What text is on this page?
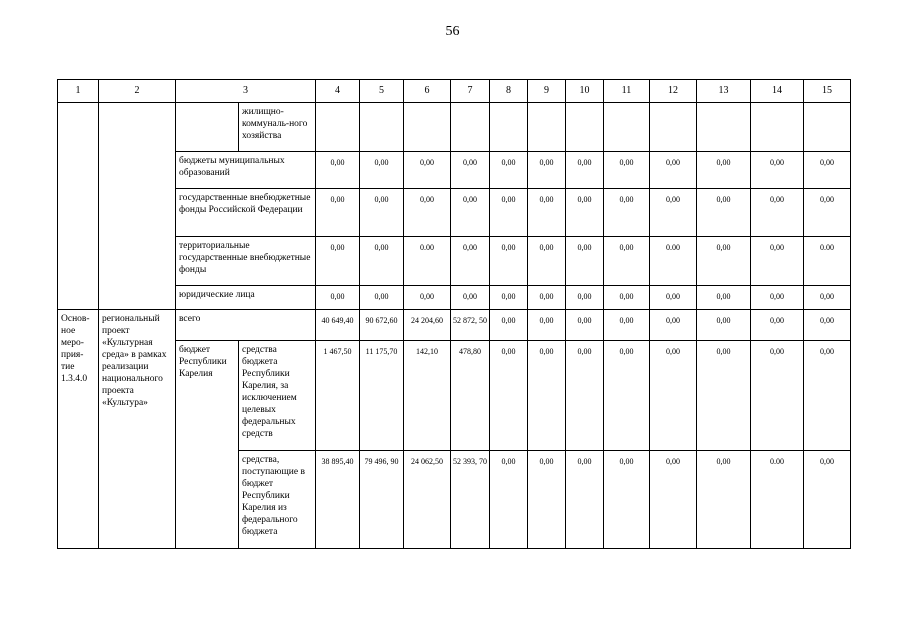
56
1	2	3		4	5	6	7	8	9	10	11	12	13	14	15
			жилищно-коммуналь-ного хозяйства												
		бюджеты муниципальных образований		0,00	0,00	0,00	0,00	0,00	0,00	0,00	0,00	0,00	0,00	0,00	0,00
		государственные внебюджетные фонды Российской Федерации		0,00	0,00	0,00	0,00	0,00	0,00	0,00	0,00	0,00	0,00	0,00	0,00
		территориальные государственные внебюджетные фонды		0,00	0,00	0.00	0,00	0,00	0,00	0,00	0,00	0.00	0,00	0,00	0.00
		юридические лица		0,00	0,00	0,00	0,00	0,00	0,00	0,00	0,00	0,00	0,00	0,00	0,00
Основ-ное меро-прия-тие 1.3.4.0	региональный проект «Культурная среда» в рамках реализации национального проекта «Культура»	всего		40 649,40	90 672,60	24 204,60	52 872, 50	0,00	0,00	0,00	0,00	0,00	0,00	0,00	0,00
		бюджет Республики Карелия	средства бюджета Республики Карелия, за исключением целевых федеральных средств	1 467,50	11 175,70	142,10	478,80	0,00	0,00	0,00	0,00	0,00	0,00	0,00	0,00
			средства, поступающие в бюджет Республики Карелия из федерального бюджета	38 895,40	79 496, 90	24 062,50	52 393, 70	0,00	0,00	0,00	0,00	0,00	0,00	0.00	0,00
